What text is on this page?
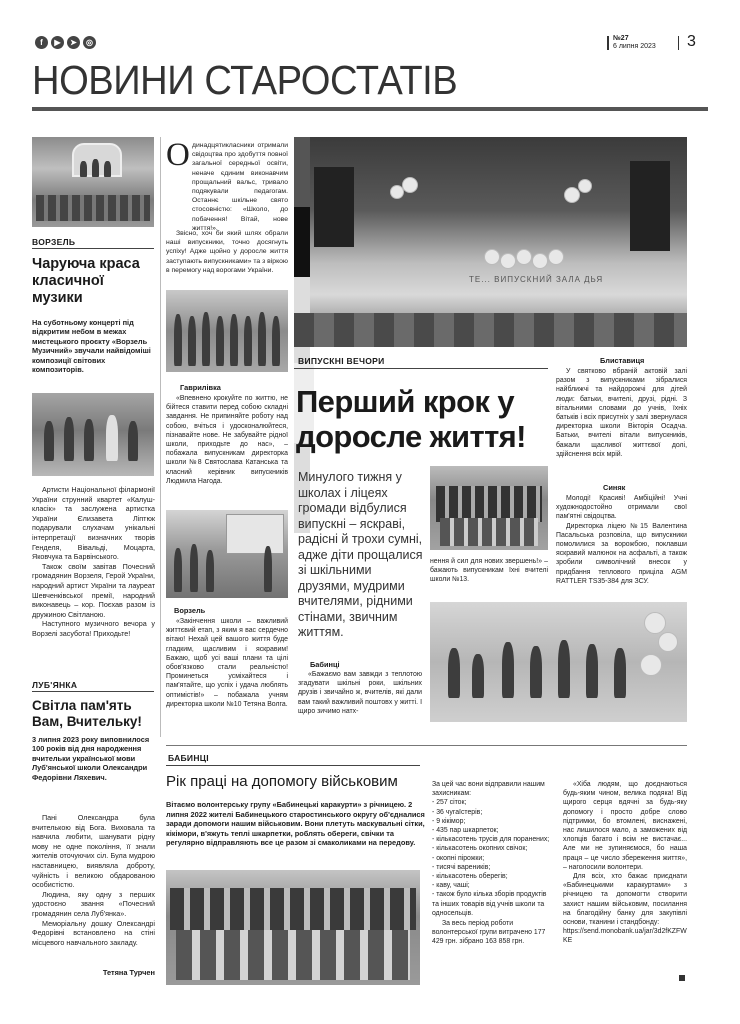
f	▶	➤	◎	№27
6 липня 2023 3
НОВИНИ СТАРОСТАТІВ
ВОРЗЕЛЬ
Чаруюча краса класичної музики
На суботньому концерті під відкритим небом в межах мистецького проєкту «Ворзель Музичний» звучали найвідоміші композиції світових композиторів.

Артисти Національної філармонії України струнний квартет «Калуш-класік» та заслужена артистка України Єлизавета Ліптюк подарували слухачам унікальні інтерпретації визначних творів Генделя, Вівальді, Моцарта, Яковчука та Барвінського.

Також своїм завітав Почесний громадянин Ворзеля, Герой України, народний артист України та лауреат Шевченківської премії, народний виконавець – кор. Поєхав разом із дружиною Світланою.

Наступного музичного вечора у Ворзелі засубота! Приходьте!

ЛУБ'ЯНКА
Світла пам'ять Вам, Вчительку!
3 липня 2023 року виповнилося 100 років від дня народження вчительки української мови Луб'янської школи Олександри Федорівни Ляхевич.

Пані Олександра була вчителькою від Бога. Виховала та навчила любити, шанувати рідну мову не одне покоління, її знали жителів оточуючих сіл. Була мудрою наставницею, виявляла доброту, чуйність і великою обдарованою особистістю.

Людина, яку одну з перших удостоєно звання «Почесний громадянин села Луб'янка».

Меморіальну дошку Олександрі Федорівні встановлено на стіні місцевого навчального закладу.

Тетяна Турчен
О динадцятикласники отримали свідоцтва про здобуття повної загальної середньої освіти, неначе єдиним виконавчим прощальний вальс, тривало подякували педагогам. Останнє шкільне свято стосовністю: «Школо, до побачення! Вітай, нове життя!».

Звісно, хоч би який шлях обрали наші випускники, точно досягнуть успіху! Адже щойно у доросле життя заступають випускниками» та з віркою в перемогу над ворогами України.

Гаврилівка

«Впевнено крокуйте по життю, не бійтеся ставити перед собою складні завдання. Не припиняйте роботу над собою, вчіться і удосконалюйтеся, пізнавайте нове. Не забувайте рідної школи, приходьте до нас», – побажала випускникам директорка школи №8 Святослава Катанська та класний керівник випускників Людмила Нагода.

Ворзель

«Закінчення школи – важливий життєвий етап, з яким я вас сердечно вітаю! Нехай цей вашого життя буде гладким, щасливим і яскравим! Бажаю, щоб усі ваші плани та цілі обов'язково стали реальністю! Проминеться усміхайтеся і пам'ятайте, що успіх і удача люблять оптимістів!» – побажала учням директорка школи №10 Тетяна Волга.

ТЕ... ВИПУСКНИЙ ЗАЛА ДЬЯ
ВИПУСКНІ ВЕЧОРИ
Перший крок у доросле життя!
Минулого тижня у школах і ліцеях громади відбулися випускні – яскраві, радісні й трохи сумні, адже діти прощалися зі шкільними друзями, мудрими вчителями, рідними стінами, звичним життям.
Бабинці

«Бажаємо вам завжди з теплотою згадувати шкільні роки, шкільних друзів і звичайно ж, вчителів, які дали вам такий важливий поштовх у житті. І щиро зичимо натх-

нення й сил для нових звершень!» – бажають випускникам їхні вчителі школи №13.
Блиставиця

У святково вбраній актовій залі разом з випускниками зібралися найближчі та найдорожчі для дітей люди: батьки, вчителі, друзі, рідні. З вітальними словами до учнів, їхніх батьків і всіх присутніх у залі звернулася директорка школи Вікторія Осадча. Батьки, вчителі вітали випускників, бажали щасливої життєвої долі, здійснення всіх мрій.

Синяк

Молоді! Красиві! Амбіційні! Учні художнодостойно отримали свої пам'ятні свідоцтва.

Директорка ліцею №15 Валентина Пасальська розповіла, що випускники помолилися за ворожбою, поклавши яскравий малюнок на асфальті, а також зробили символічний внесок у придбання теплового приціла AGM RATTLER TS35-384 для ЗСУ.

БАБИНЦІ
Рік праці на допомогу військовим
Вітаємо волонтерську групу «Бабинецькі каракурти» з річницею. 2 липня 2022 жителі Бабинецького старостинського округу об'єдналися заради допомоги нашим військовим. Вони плетуть маскувальні сітки, кікімори, в'яжуть теплі шкарпетки, роблять обереги, свічки та регулярно відправляють все це разом зі смаколиками на передову.
За цей час вони відправили нашим захисникам:
- 257 сіток;
- 36 чугаїстерів;
- 9 кікімор;
- 435 пар шкарпеток;
- кількасотень трусів для поранених;
- кількасотень окопних свічок;
- окопні пірожки;
- тисячі вареників;
- кількасотень оберегів;
- каву, чаші;
- також було кілька зборів продуктів та інших товарів від учнів школи та односельців.

За весь період роботи волонтерської групи витрачено 177 429 грн. зібрано 163 858 грн.

«Хіба людям, що доєднаються будь-яким чином, велика подяка! Від щирого серця вдячні за будь-яку допомогу і просто добре слово підтримки, бо втомлені, виснажені, нас лишилося мало, а заможених від хлопців багато і всім не вистачає... Але ми не зупиняємося, бо наша праця – це число збереження життя», – наголосили волонтери.

Для всіх, хто бажає приєднати «Бабинецькими каракуртами» з річницею та допомогти створити захист нашим військовим, посилання на благодійну банку для закупівлі основи, тканини і стандбонду:

https://send.monobank.ua/jar/3d2fKZFWKE
